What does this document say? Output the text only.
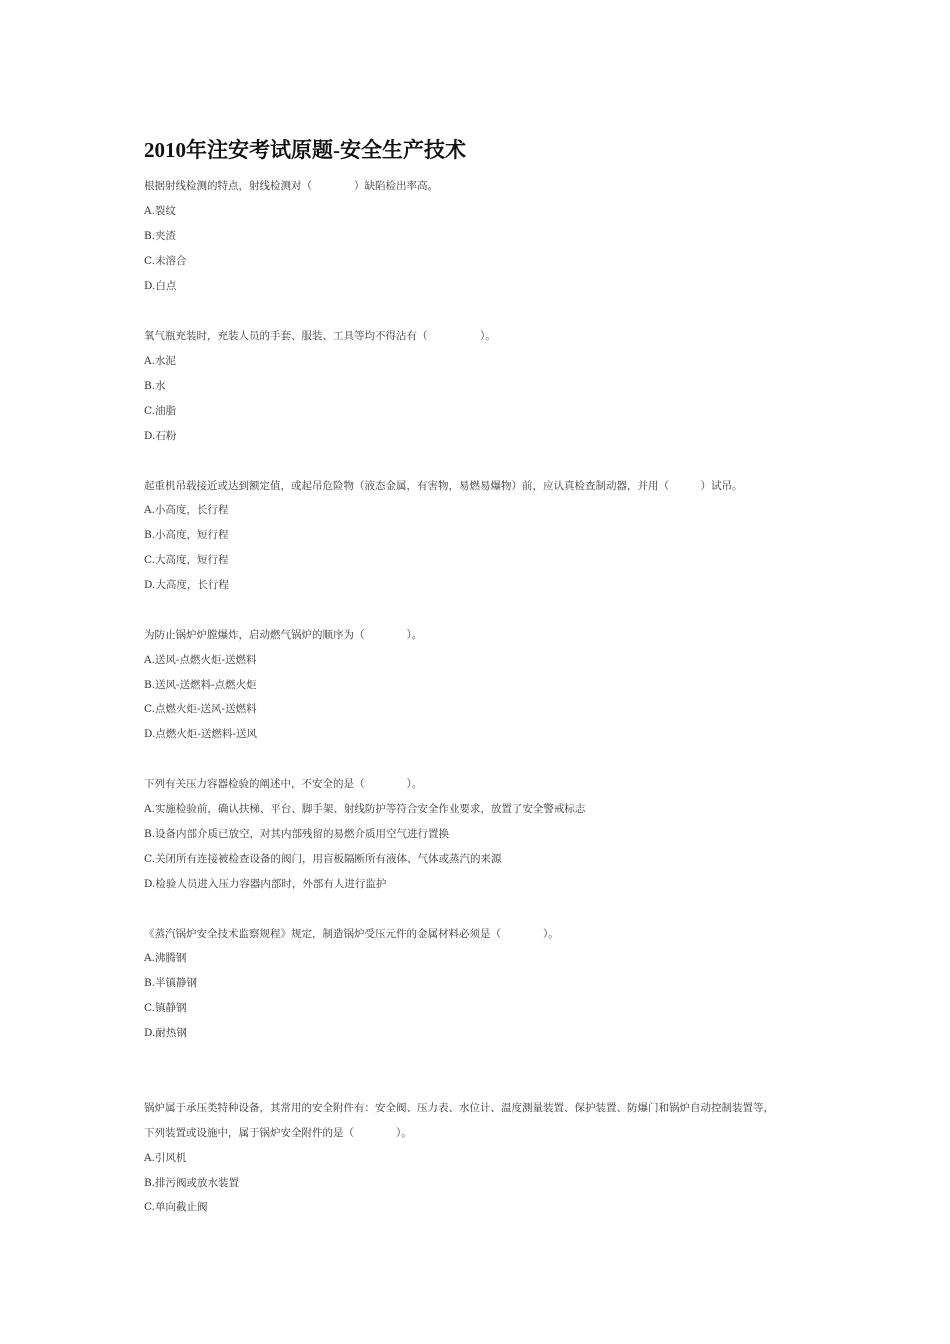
2010年注安考试原题-安全生产技术

根据射线检测的特点，射线检测对（　　　　）缺陷检出率高。

A.裂纹

B.夹渣

C.未溶合

D.白点

氧气瓶充装时，充装人员的手套、服装、工具等均不得沾有（　　　　　）。

A.水泥

B.水

C.油脂

D.石粉

起重机吊载接近或达到额定值，或起吊危险物（液态金属，有害物，易燃易爆物）前，应认真检查制动器，并用（　　　）试吊。

A.小高度，长行程

B.小高度，短行程

C.大高度，短行程

D.大高度，长行程

为防止锅炉炉膛爆炸，启动燃气锅炉的顺序为（　　　　）。

A.送风-点燃火炬-送燃料

B.送风-送燃料-点燃火炬

C.点燃火炬-送风-送燃料

D.点燃火炬-送燃料-送风

下列有关压力容器检验的阐述中，不安全的是（　　　　）。

A.实施检验前，确认扶梯、平台、脚手架、射线防护等符合安全作业要求，放置了安全警戒标志

B.设备内部介质已放空，对其内部残留的易燃介质用空气进行置换

C.关闭所有连接被检查设备的阀门，用盲板隔断所有液体、气体或蒸汽的来源

D.检验人员进入压力容器内部时，外部有人进行监护

《蒸汽锅炉安全技术监察规程》规定，制造锅炉受压元件的金属材料必须是（　　　　）。

A.沸腾钢

B.半镇静钢

C.镇静钢

D.耐热钢

锅炉属于承压类特种设备，其常用的安全附件有：安全阀、压力表、水位计、温度测量装置、保护装置、防爆门和锅炉自动控制装置等，

下列装置或设施中，属于锅炉安全附件的是（　　　　）。

A.引风机

B.排污阀或放水装置

C.单向截止阀
